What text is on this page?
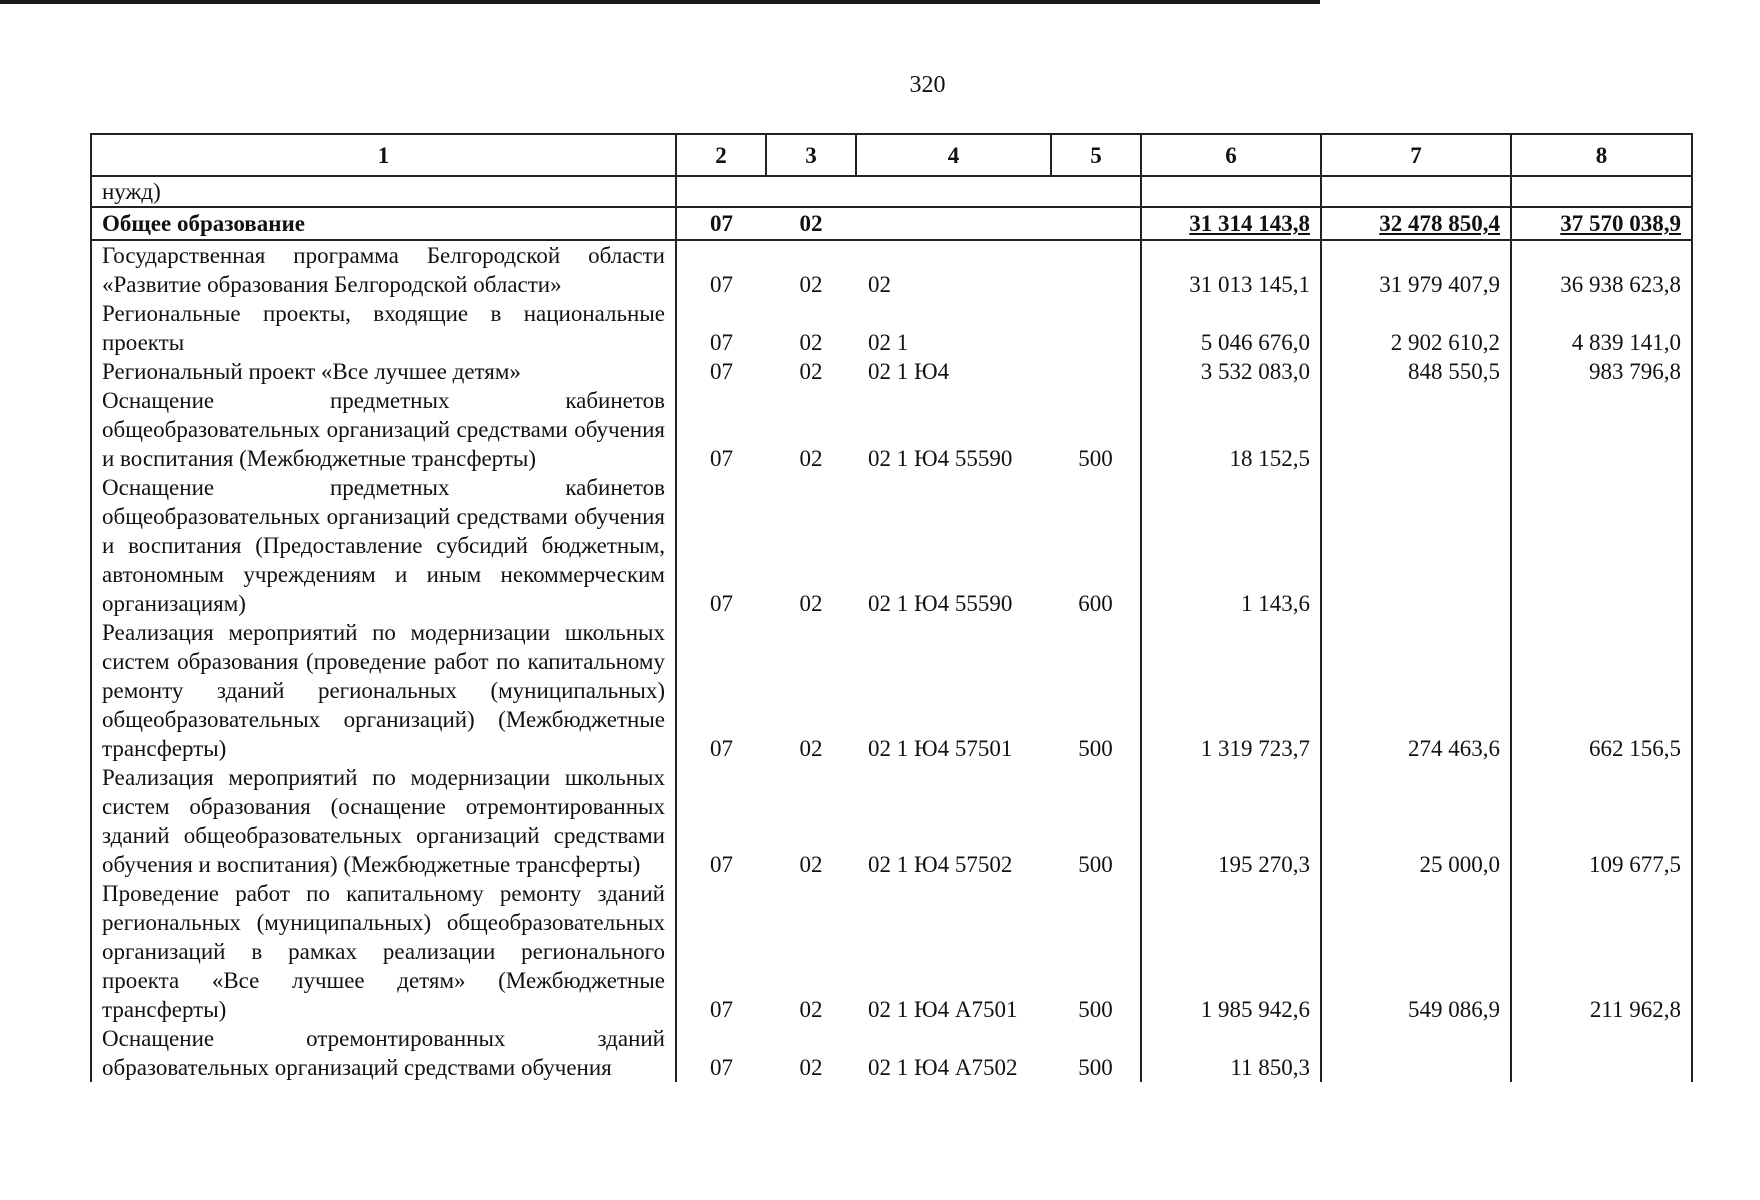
320
1	2	3	4	5	6	7	8
нужд)							
Общее образование	07	02			31 314 143,8	32 478 850,4	37 570 038,9
Государственная программа Белгородской области «Развитие образования Белгородской области»	07	02	02		31 013 145,1	31 979 407,9	36 938 623,8
Региональные проекты, входящие в национальные проекты	07	02	02 1		5 046 676,0	2 902 610,2	4 839 141,0
Региональный проект «Все лучшее детям»	07	02	02 1 Ю4		3 532 083,0	848 550,5	983 796,8
Оснащение предметных кабинетов общеобразовательных организаций средствами обучения и воспитания (Межбюджетные трансферты)	07	02	02 1 Ю4 55590	500	18 152,5		
Оснащение предметных кабинетов общеобразовательных организаций средствами обучения и воспитания (Предоставление субсидий бюджетным, автономным учреждениям и иным некоммерческим организациям)	07	02	02 1 Ю4 55590	600	1 143,6		
Реализация мероприятий по модернизации школьных систем образования (проведение работ по капитальному ремонту зданий региональных (муниципальных) общеобразовательных организаций) (Межбюджетные трансферты)	07	02	02 1 Ю4 57501	500	1 319 723,7	274 463,6	662 156,5
Реализация мероприятий по модернизации школьных систем образования (оснащение отремонтированных зданий общеобразовательных организаций средствами обучения и воспитания) (Межбюджетные трансферты)	07	02	02 1 Ю4 57502	500	195 270,3	25 000,0	109 677,5
Проведение работ по капитальному ремонту зданий региональных (муниципальных) общеобразовательных организаций в рамках реализации регионального проекта «Все лучшее детям» (Межбюджетные трансферты)	07	02	02 1 Ю4 А7501	500	1 985 942,6	549 086,9	211 962,8
Оснащение отремонтированных зданий образовательных организаций средствами обучения	07	02	02 1 Ю4 А7502	500	11 850,3		
